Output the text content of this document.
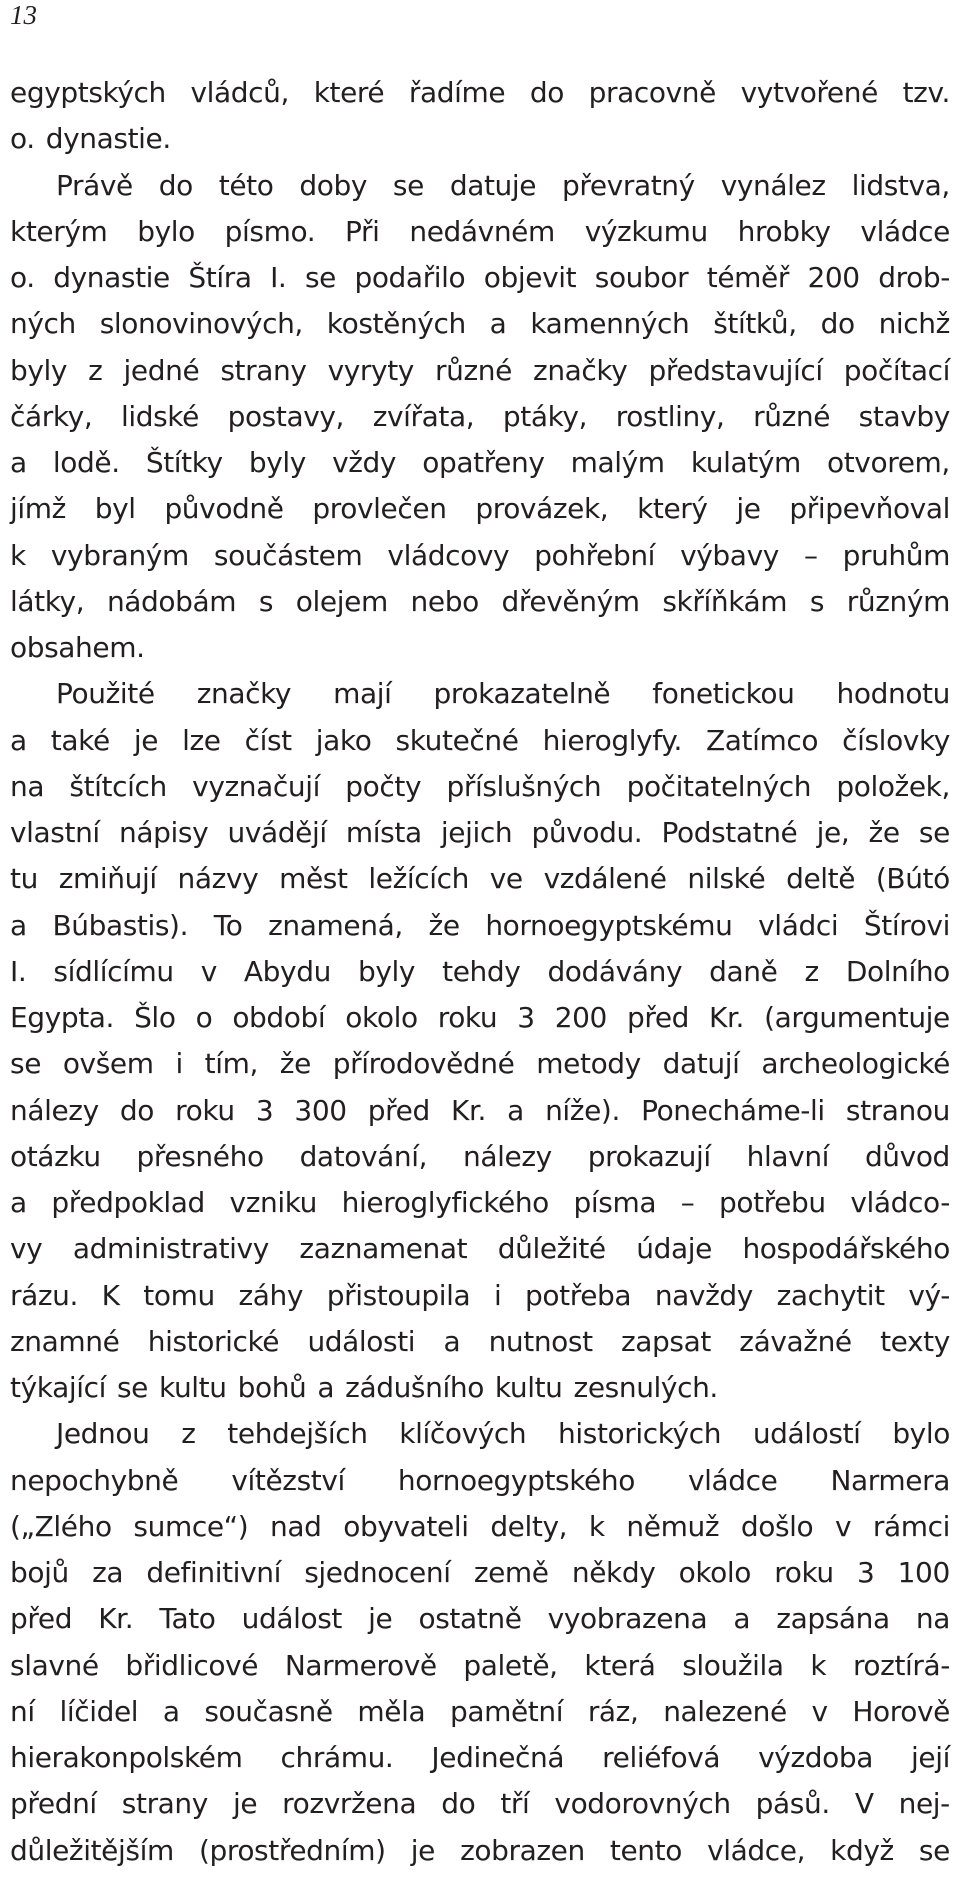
13
egyptských vládců, které řadíme do pracovně vytvořené tzv.
o. dynastie.
Právě do této doby se datuje převratný vynález lidstva,
kterým bylo písmo. Při nedávném výzkumu hrobky vládce
o. dynastie Štíra I. se podařilo objevit soubor téměř 200 drob-
ných slonovinových, kostěných a kamenných štítků, do nichž
byly z jedné strany vyryty různé značky představující počítací
čárky, lidské postavy, zvířata, ptáky, rostliny, různé stavby
a lodě. Štítky byly vždy opatřeny malým kulatým otvorem,
jímž byl původně provlečen provázek, který je připevňoval
k vybraným součástem vládcovy pohřební výbavy – pruhům
látky, nádobám s olejem nebo dřevěným skříňkám s různým
obsahem.
Použité značky mají prokazatelně fonetickou hodnotu
a také je lze číst jako skutečné hieroglyfy. Zatímco číslovky
na štítcích vyznačují počty příslušných počitatelných položek,
vlastní nápisy uvádějí místa jejich původu. Podstatné je, že se
tu zmiňují názvy měst ležících ve vzdálené nilské deltě (Bútó
a Búbastis). To znamená, že hornoegyptskému vládci Štírovi
I. sídlícímu v Abydu byly tehdy dodávány daně z Dolního
Egypta. Šlo o období okolo roku 3 200 před Kr. (argumentuje
se ovšem i tím, že přírodovědné metody datují archeologické
nálezy do roku 3 300 před Kr. a níže). Ponecháme-li stranou
otázku přesného datování, nálezy prokazují hlavní důvod
a předpoklad vzniku hieroglyfického písma – potřebu vládco-
vy administrativy zaznamenat důležité údaje hospodářského
rázu. K tomu záhy přistoupila i potřeba navždy zachytit vý-
znamné historické události a nutnost zapsat závažné texty
týkající se kultu bohů a zádušního kultu zesnulých.
Jednou z tehdejších klíčových historických událostí bylo
nepochybně vítězství hornoegyptského vládce Narmera
(„Zlého sumce“) nad obyvateli delty, k němuž došlo v rámci
bojů za definitivní sjednocení země někdy okolo roku 3 100
před Kr. Tato událost je ostatně vyobrazena a zapsána na
slavné břidlicové Narmerově paletě, která sloužila k roztírá-
ní líčidel a současně měla pamětní ráz, nalezené v Horově
hierakonpolském chrámu. Jedinečná reliéfová výzdoba její
přední strany je rozvržena do tří vodorovných pásů. V nej-
důležitějším (prostředním) je zobrazen tento vládce, když se
